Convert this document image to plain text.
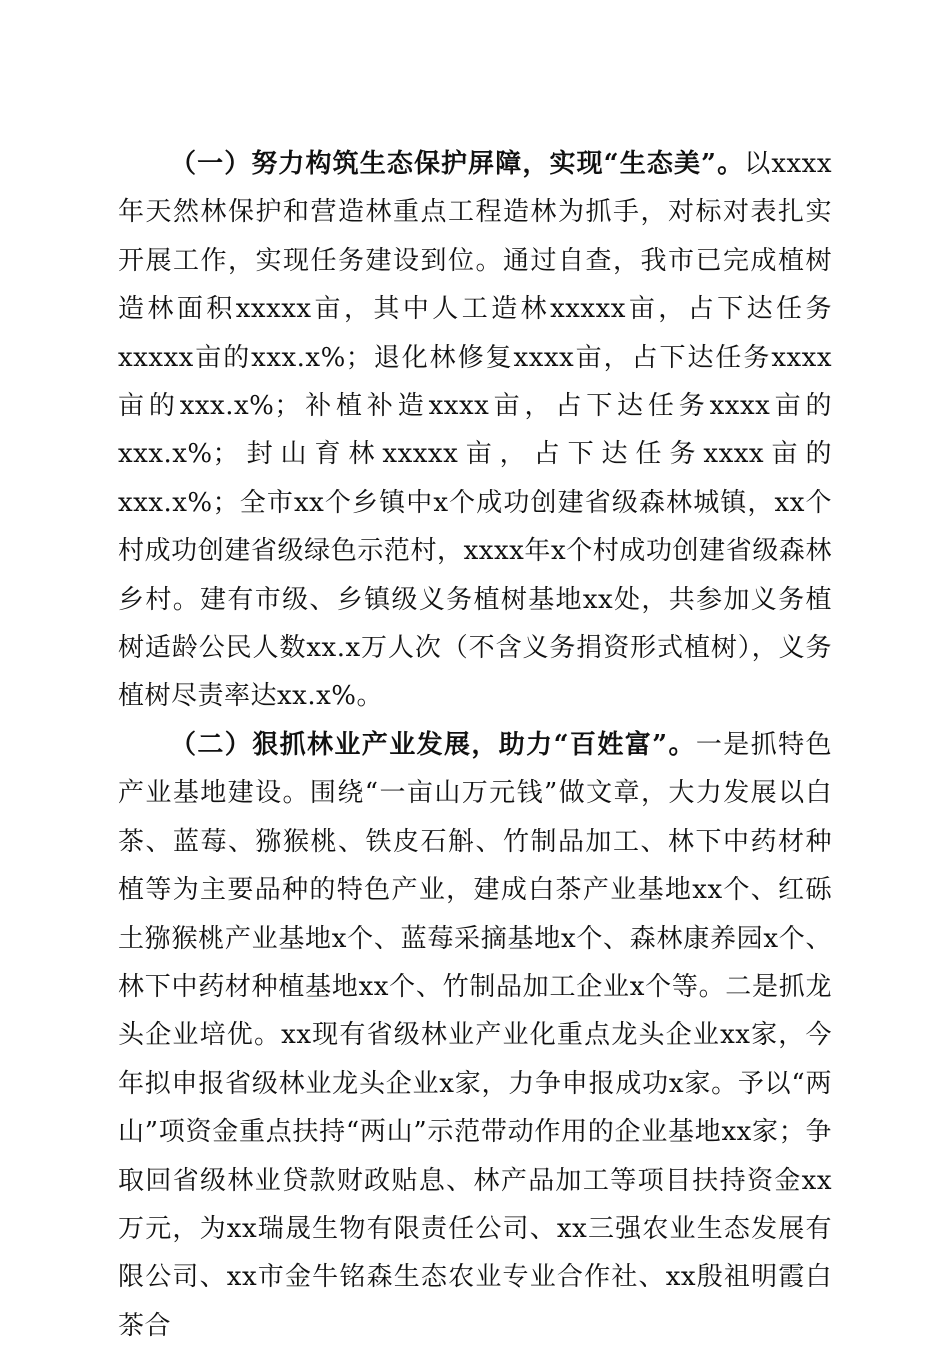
（一）努力构筑生态保护屏障，实现“生态美”。以xxxx年天然林保护和营造林重点工程造林为抓手，对标对表扎实开展工作，实现任务建设到位。通过自查，我市已完成植树造林面积xxxxx亩，其中人工造林xxxxx亩，占下达任务xxxxx亩的xxx.x%；退化林修复xxxx亩，占下达任务xxxx亩的xxx.x%；补植补造xxxx亩，占下达任务xxxx亩的xxx.x%；封山育林xxxxx亩，占下达任务xxxx亩的xxx.x%；全市xx个乡镇中x个成功创建省级森林城镇，xx个村成功创建省级绿色示范村，xxxx年x个村成功创建省级森林乡村。建有市级、乡镇级义务植树基地xx处，共参加义务植树适龄公民人数xx.x万人次（不含义务捐资形式植树），义务植树尽责率达xx.x%。

（二）狠抓林业产业发展，助力“百姓富”。一是抓特色产业基地建设。围绕“一亩山万元钱”做文章，大力发展以白茶、蓝莓、猕猴桃、铁皮石斛、竹制品加工、林下中药材种植等为主要品种的特色产业，建成白茶产业基地xx个、红砾土猕猴桃产业基地x个、蓝莓采摘基地x个、森林康养园x个、林下中药材种植基地xx个、竹制品加工企业x个等。二是抓龙头企业培优。xx现有省级林业产业化重点龙头企业xx家，今年拟申报省级林业龙头企业x家，力争申报成功x家。予以“两山”项资金重点扶持“两山”示范带动作用的企业基地xx家；争取回省级林业贷款财政贴息、林产品加工等项目扶持资金xx万元，为xx瑞晟生物有限责任公司、xx三强农业生态发展有限公司、xx市金牛铭森生态农业专业合作社、xx殷祖明霞白茶合
